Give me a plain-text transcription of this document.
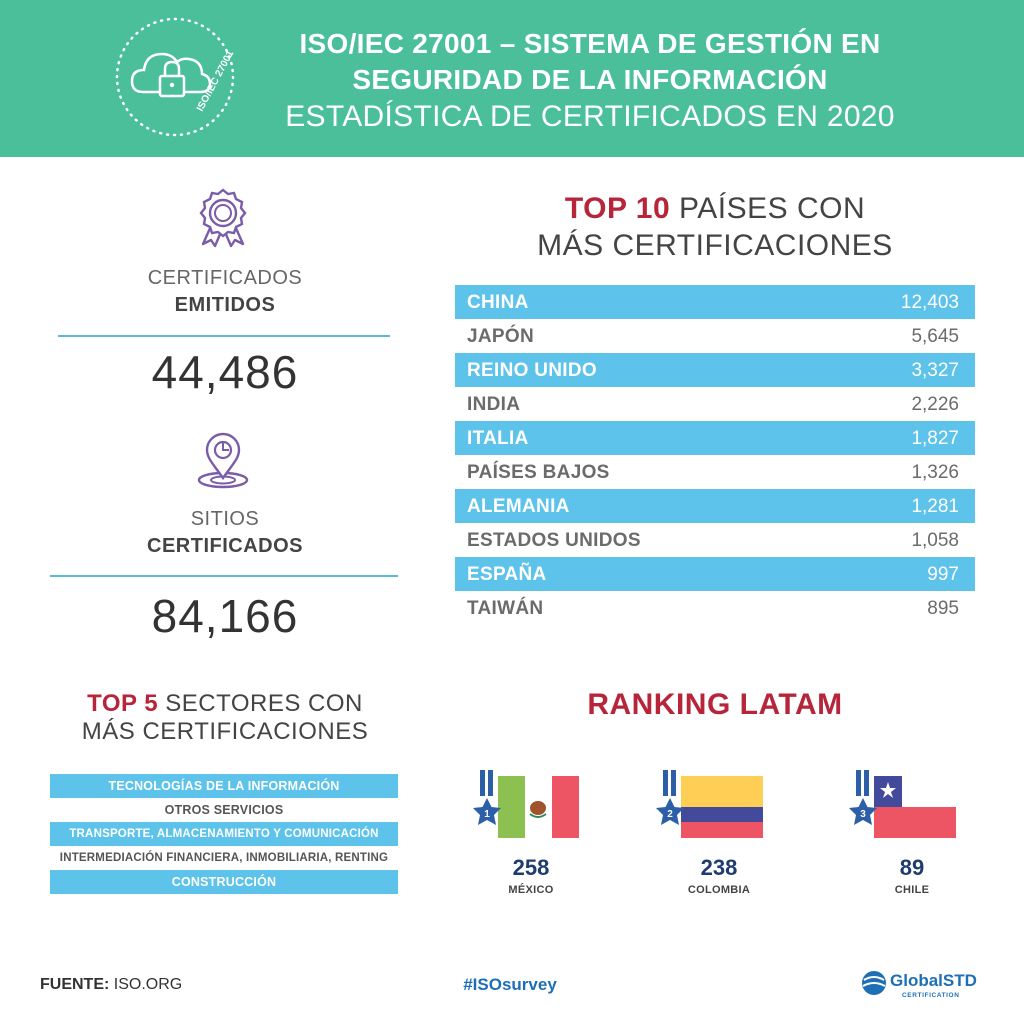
ISO/IEC 27001
ISO/IEC 27001 – SISTEMA DE GESTIÓN EN
SEGURIDAD DE LA INFORMACIÓN
ESTADÍSTICA DE CERTIFICADOS EN 2020
CERTIFICADOS
EMITIDOS
44,486
SITIOS
CERTIFICADOS
84,166
TOP 10 PAÍSES CON
MÁS CERTIFICACIONES
CHINA	12,403
JAPÓN	5,645
REINO UNIDO	3,327
INDIA	2,226
ITALIA	1,827
PAÍSES BAJOS	1,326
ALEMANIA	1,281
ESTADOS UNIDOS	1,058
ESPAÑA	997
TAIWÁN	895
TOP 5 SECTORES CON
MÁS CERTIFICACIONES
TECNOLOGÍAS DE LA INFORMACIÓN
OTROS SERVICIOS
TRANSPORTE, ALMACENAMIENTO Y COMUNICACIÓN
INTERMEDIACIÓN FINANCIERA, INMOBILIARIA, RENTING
CONSTRUCCIÓN
RANKING LATAM
1
258
MÉXICO
2
238
COLOMBIA
3
89
CHILE
FUENTE: ISO.ORG	#ISOsurvey	GlobalSTD
CERTIFICATION
